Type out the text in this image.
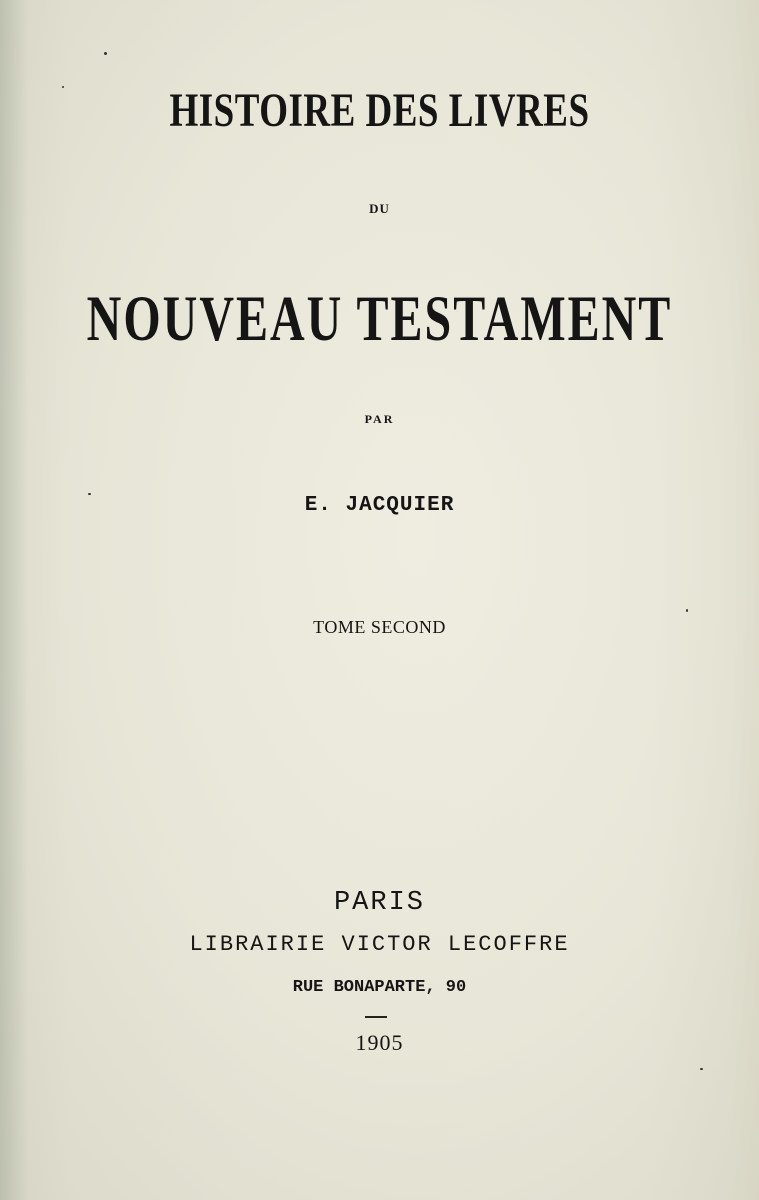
HISTOIRE DES LIVRES
DU
NOUVEAU TESTAMENT
PAR
E. JACQUIER
TOME SECOND
PARIS
LIBRAIRIE VICTOR LECOFFRE
RUE BONAPARTE, 90
1905
